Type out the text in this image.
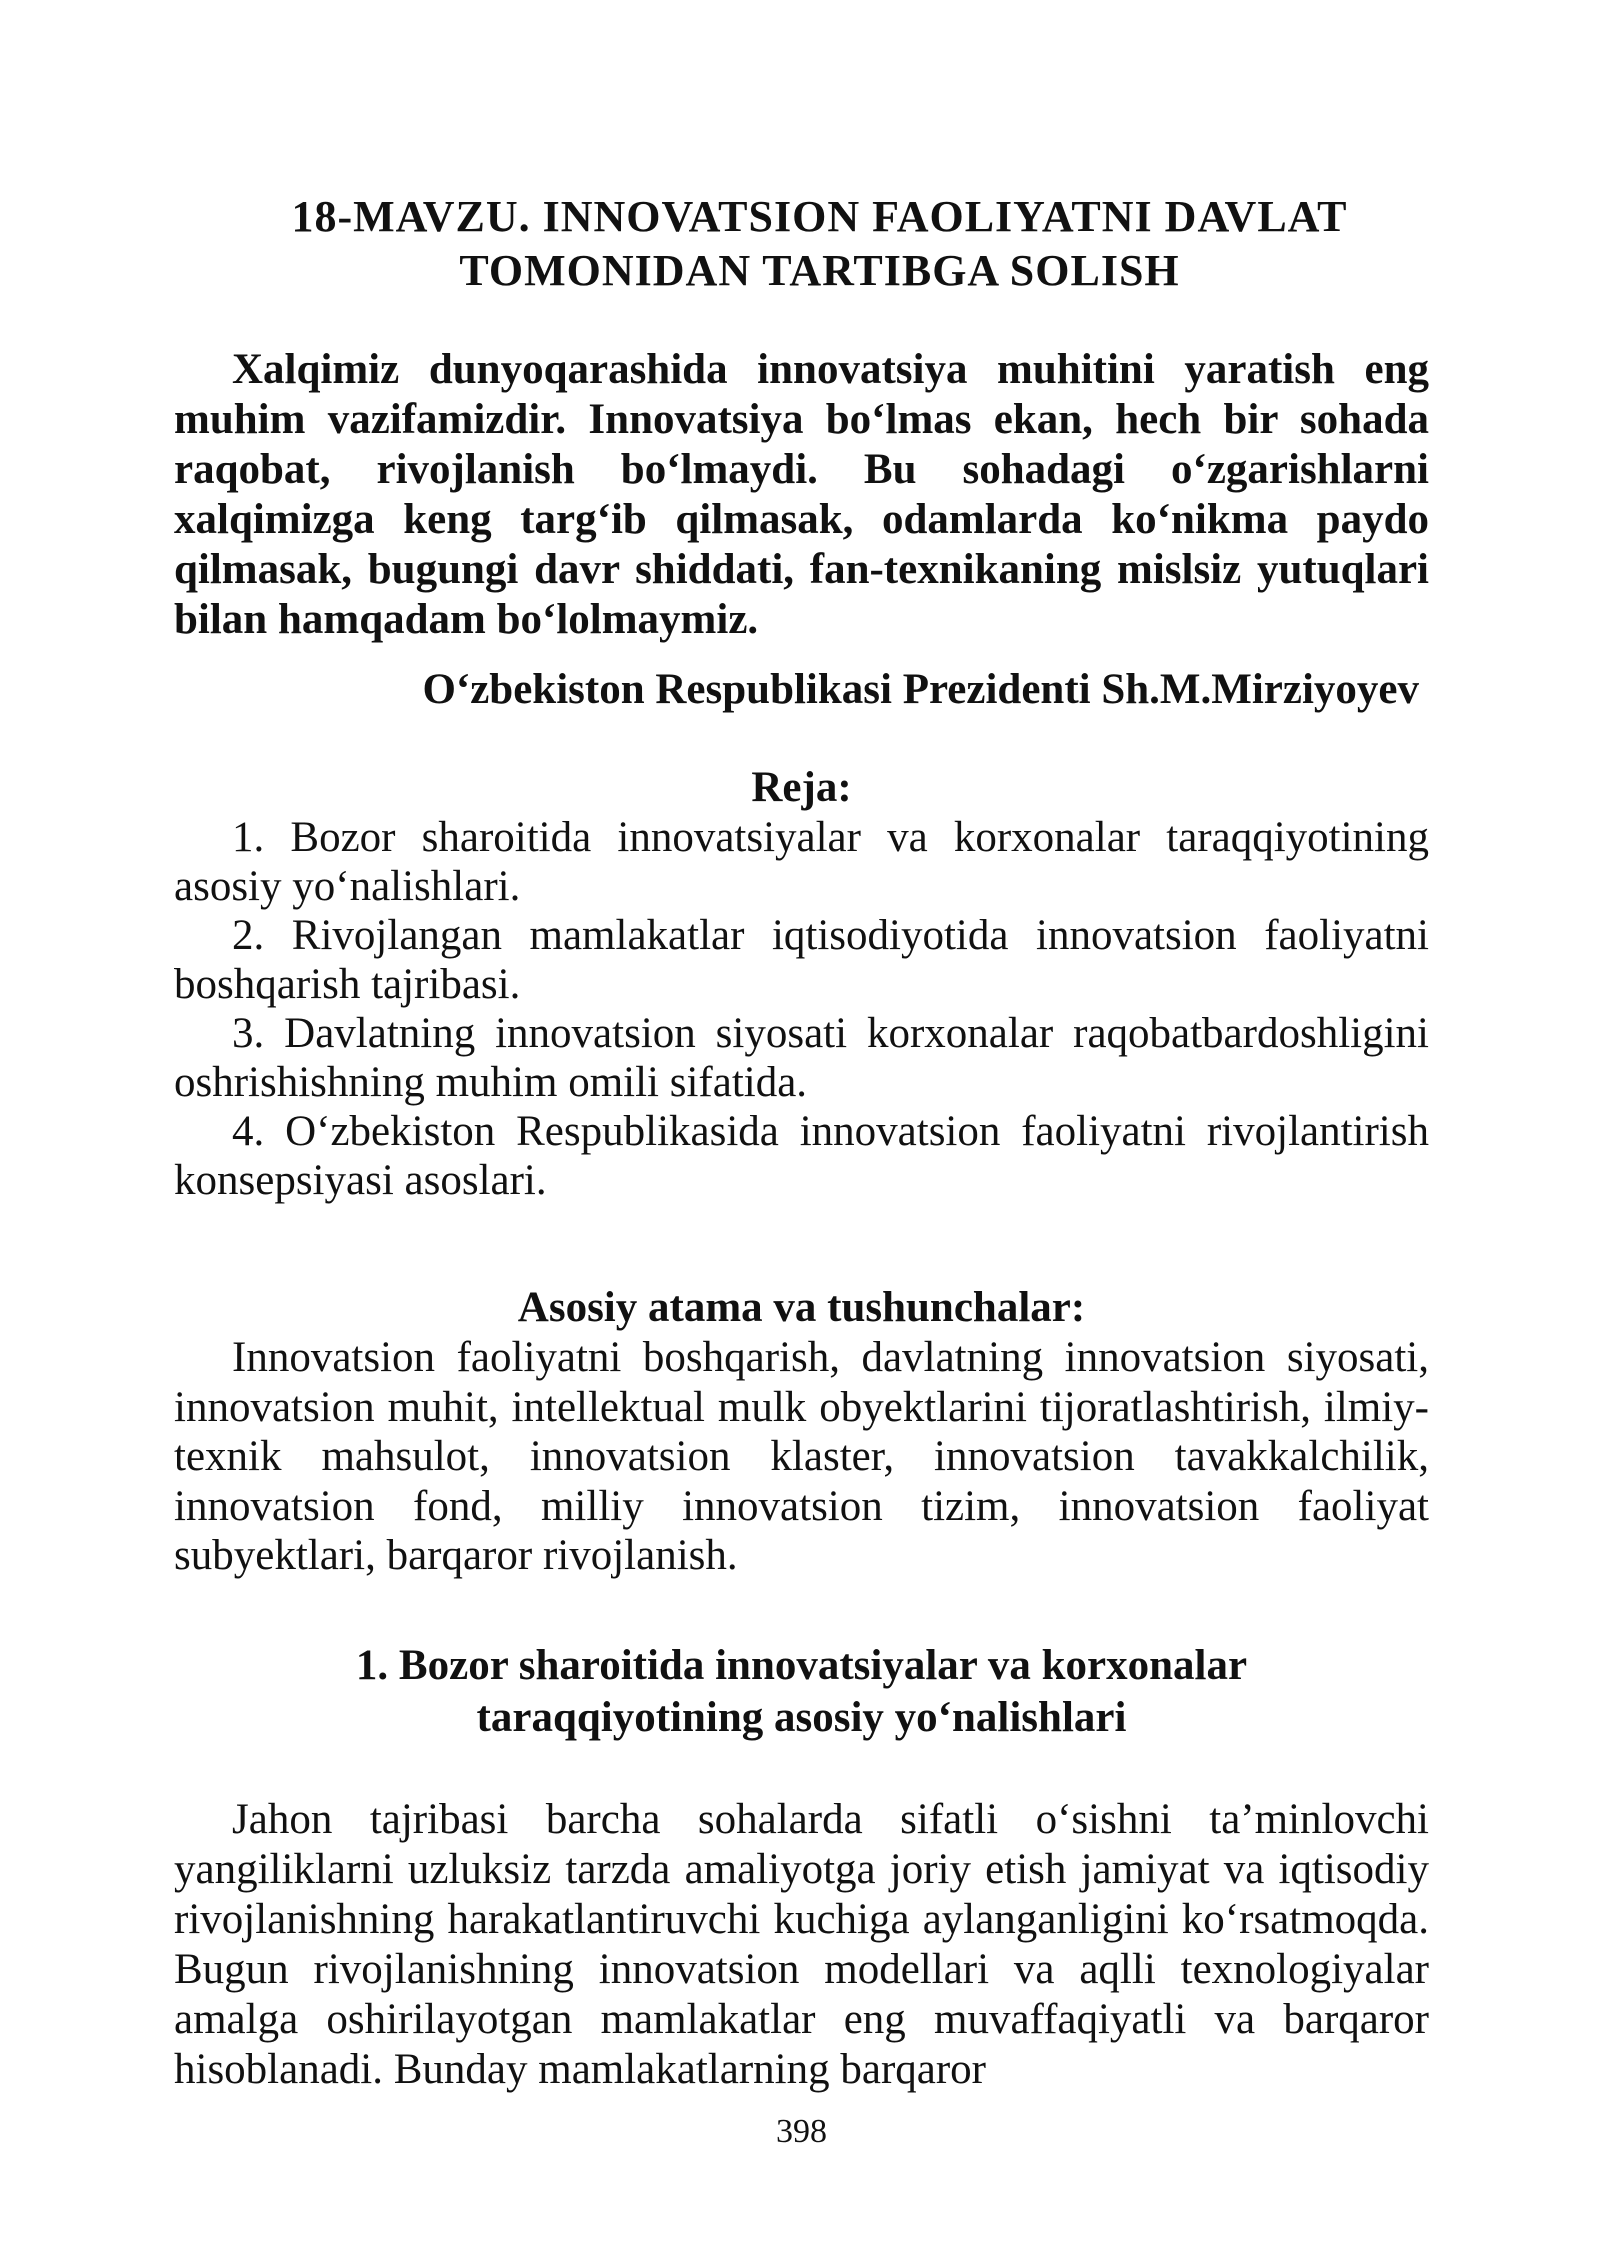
18-MAVZU. INNOVATSION FAOLIYATNI DAVLAT
TOMONIDAN TARTIBGA SOLISH

Xalqimiz dunyoqarashida innovatsiya muhitini yaratish eng muhim vazifamizdir. Innovatsiya bo‘lmas ekan, hech bir sohada raqobat, rivojlanish bo‘lmaydi. Bu sohadagi o‘zgarishlarni xalqimizga keng targ‘ib qilmasak, odamlarda ko‘nikma paydo qilmasak, bugungi davr shiddati, fan-texnikaning mislsiz yutuqlari bilan hamqadam bo‘lolmaymiz.

O‘zbekiston Respublikasi Prezidenti Sh.M.Mirziyoyev
Reja:
1. Bozor sharoitida innovatsiyalar va korxonalar taraqqiyotining asosiy yo‘nalishlari.
2. Rivojlangan mamlakatlar iqtisodiyotida innovatsion faoliyatni boshqarish tajribasi.
3. Davlatning innovatsion siyosati korxonalar raqobatbardoshligini oshrishishning muhim omili sifatida.
4. O‘zbekiston Respublikasida innovatsion faoliyatni rivojlantirish konsepsiyasi asoslari.
Asosiy atama va tushunchalar:

Innovatsion faoliyatni boshqarish, davlatning innovatsion siyosati, innovatsion muhit, intellektual mulk obyektlarini tijoratlashtirish, ilmiy-texnik mahsulot, innovatsion klaster, innovatsion tavakkalchilik, innovatsion fond, milliy innovatsion tizim, innovatsion faoliyat subyektlari, barqaror rivojlanish.

1. Bozor sharoitida innovatsiyalar va korxonalar
taraqqiyotining asosiy yo‘nalishlari

Jahon tajribasi barcha sohalarda sifatli o‘sishni ta’minlovchi yangiliklarni uzluksiz tarzda amaliyotga joriy etish jamiyat va iqtisodiy rivojlanishning harakatlantiruvchi kuchiga aylanganligini ko‘rsatmoqda. Bugun rivojlanishning innovatsion modellari va aqlli texnologiyalar amalga oshirilayotgan mamlakatlar eng muvaffaqiyatli va barqaror hisoblanadi. Bunday mamlakatlarning barqaror

398
